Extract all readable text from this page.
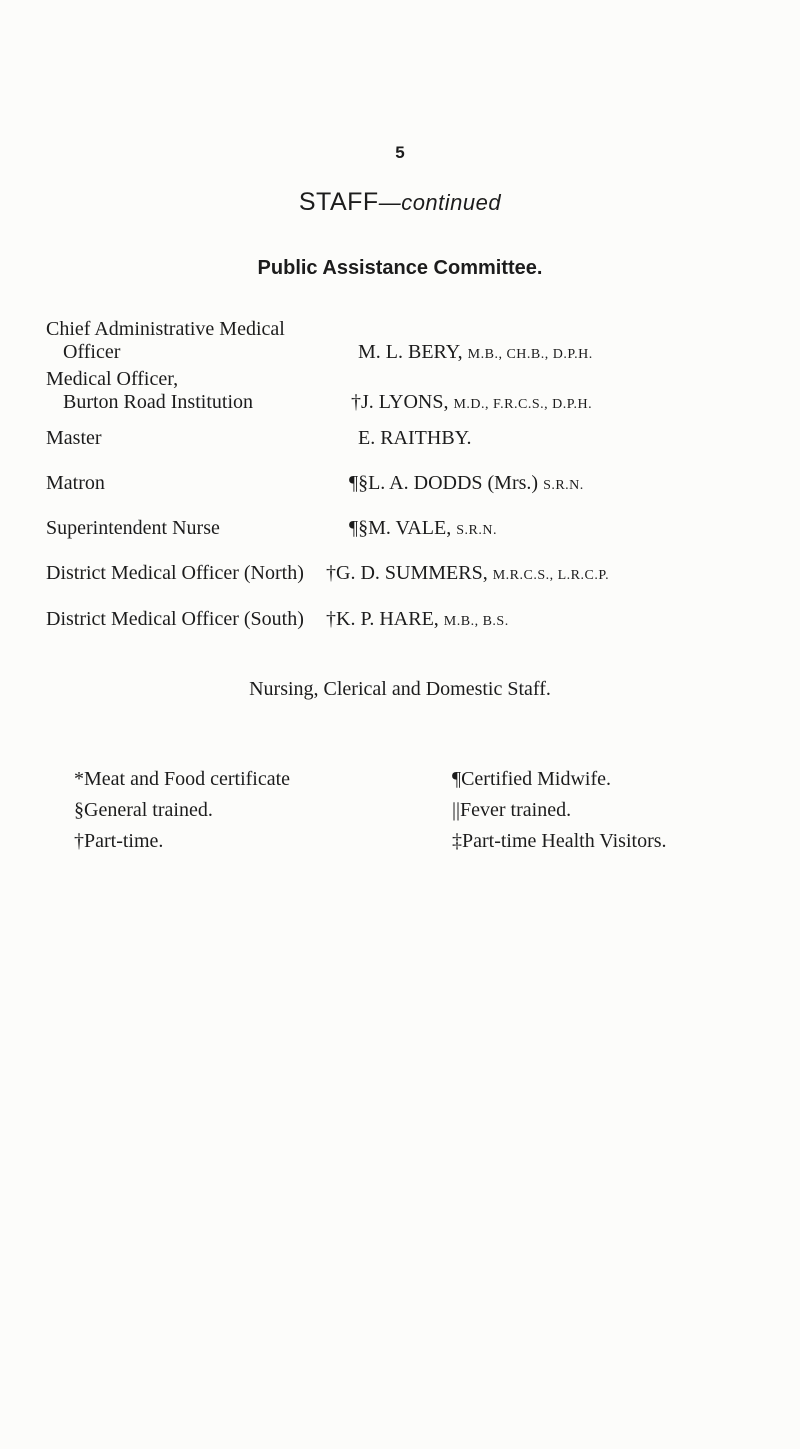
5
STAFF—continued
Public Assistance Committee.
Chief Administrative Medical
Officer	M. L. BERY, M.B., CH.B., D.P.H.
Medical Officer,
Burton Road Institution	†J. LYONS, M.D., F.R.C.S., D.P.H.
Master	E. RAITHBY.
Matron	¶§L. A. DODDS (Mrs.) S.R.N.
Superintendent Nurse	¶§M. VALE, S.R.N.
District Medical Officer (North) †G. D. SUMMERS, M.R.C.S., L.R.C.P.
District Medical Officer (South) †K. P. HARE, M.B., B.S.
Nursing, Clerical and Domestic Staff.
*Meat and Food certificate
§General trained.
†Part-time.
¶Certified Midwife.
||Fever trained.
‡Part-time Health Visitors.
